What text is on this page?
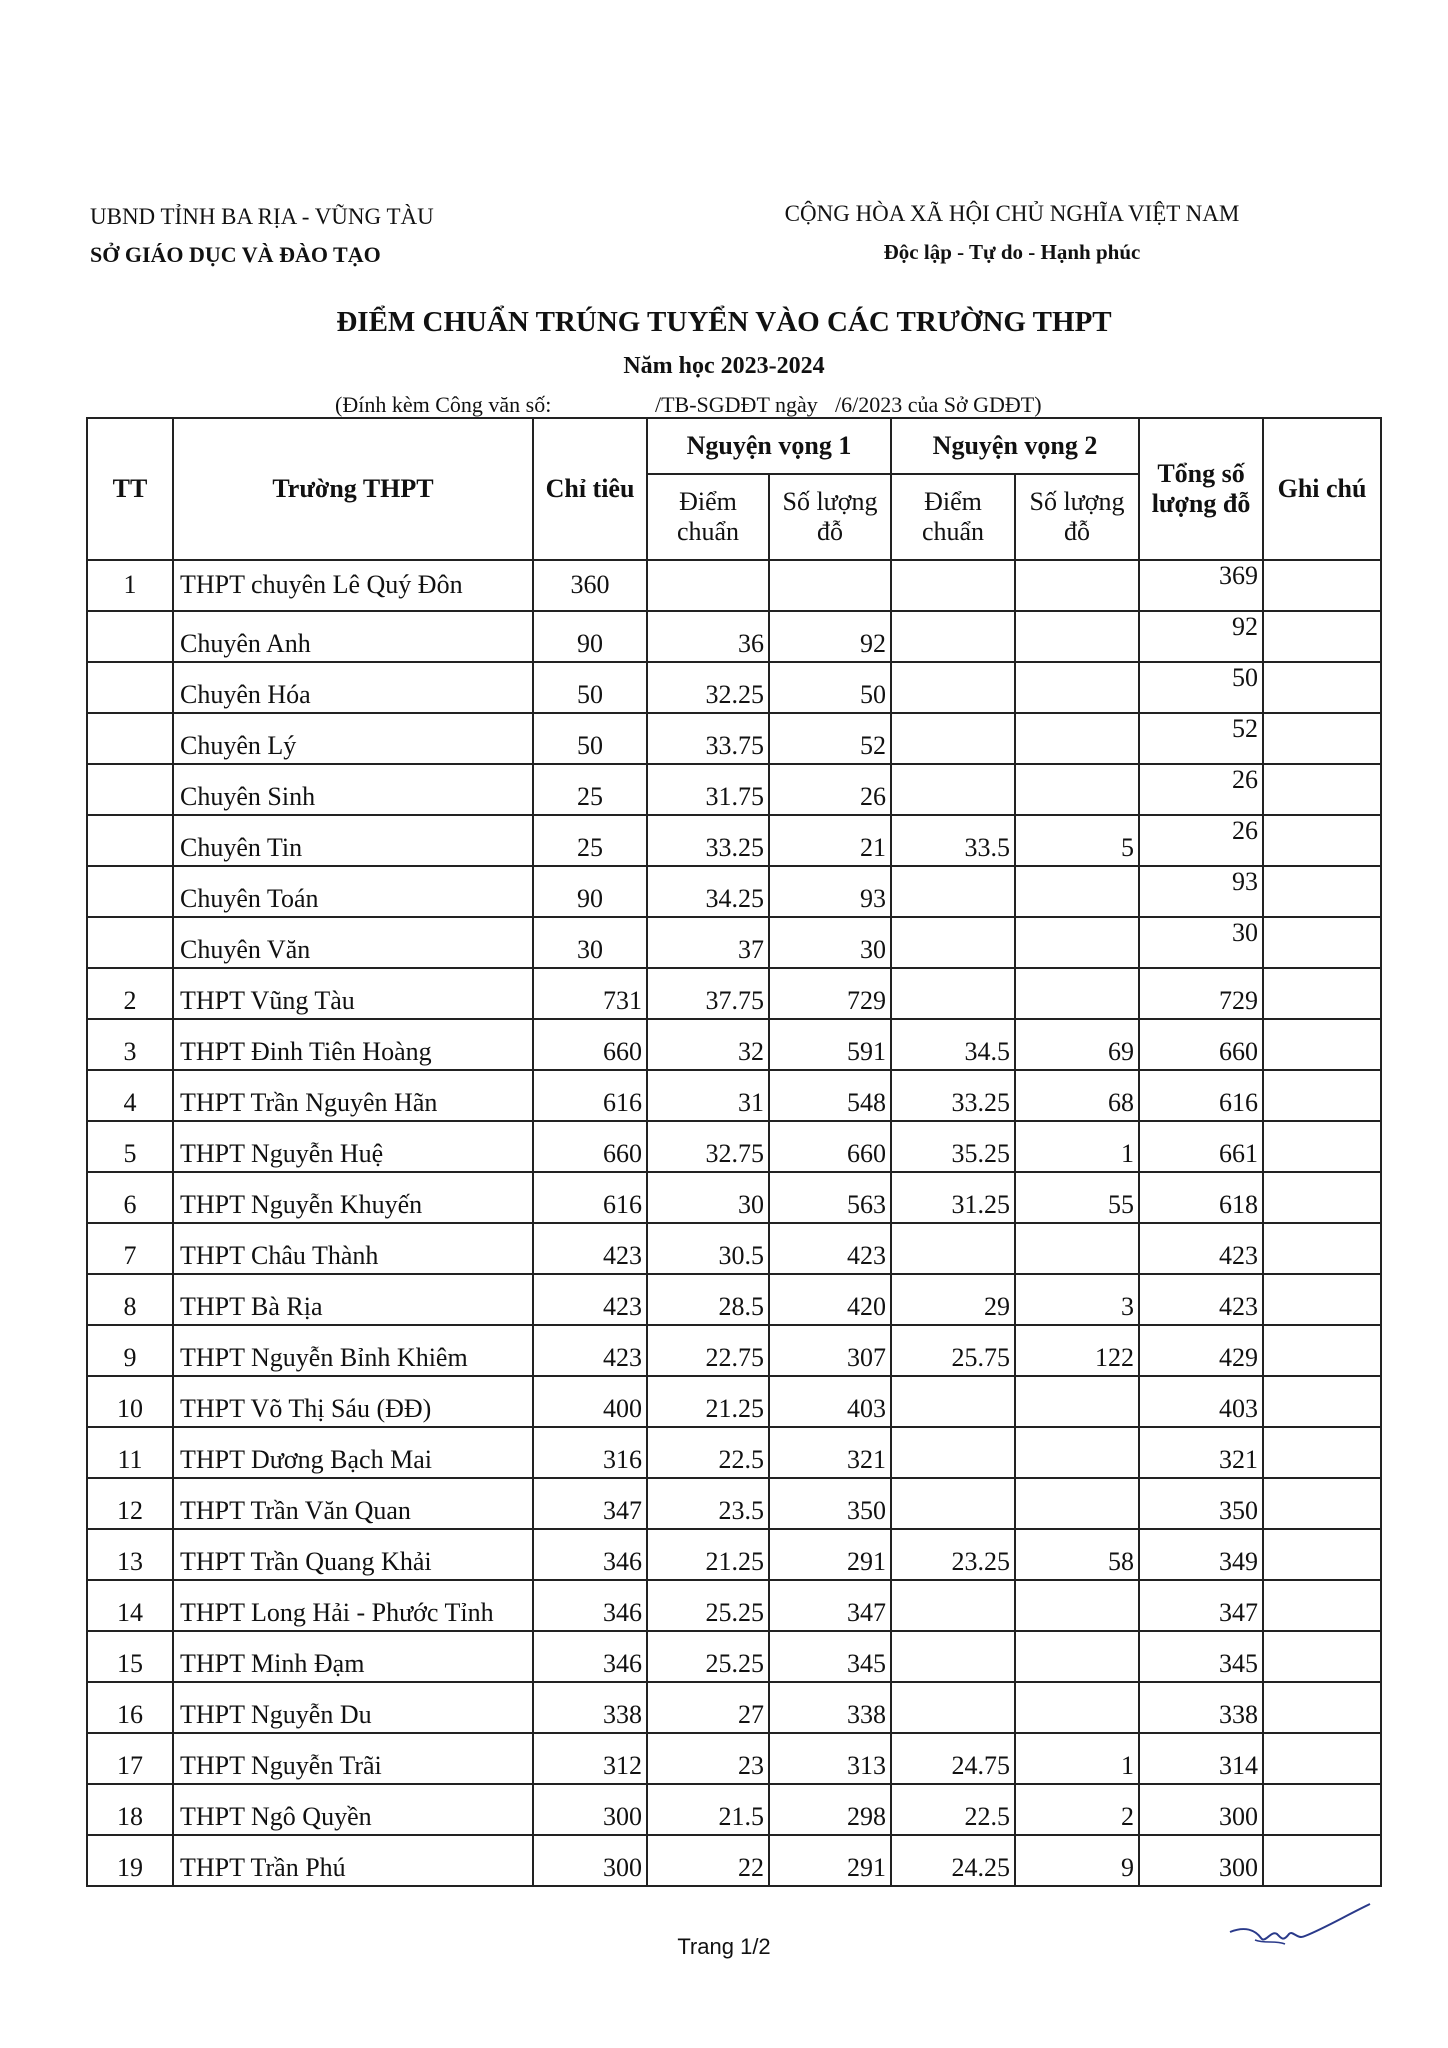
UBND TỈNH BA RỊA - VŨNG TÀU
SỞ GIÁO DỤC VÀ ĐÀO TẠO
CỘNG HÒA XÃ HỘI CHỦ NGHĨA VIỆT NAM
Độc lập - Tự do - Hạnh phúc
ĐIỂM CHUẨN TRÚNG TUYỂN VÀO CÁC TRƯỜNG THPT
Năm học 2023-2024
(Đính kèm Công văn số:	/TB-SGDĐT ngày /6/2023 của Sở GDĐT)
TT	Trường THPT	Chỉ tiêu	Nguyện vọng 1		Nguyện vọng 2		Tổng số lượng đỗ	Ghi chú
			Điểm chuẩn	Số lượng đỗ	Điểm chuẩn	Số lượng đỗ		
1	THPT chuyên Lê Quý Đôn	360					369	
	Chuyên Anh	90	36	92			92	
	Chuyên Hóa	50	32.25	50			50	
	Chuyên Lý	50	33.75	52			52	
	Chuyên Sinh	25	31.75	26			26	
	Chuyên Tin	25	33.25	21	33.5	5	26	
	Chuyên Toán	90	34.25	93			93	
	Chuyên Văn	30	37	30			30	
2	THPT Vũng Tàu	731	37.75	729			729	
3	THPT Đinh Tiên Hoàng	660	32	591	34.5	69	660	
4	THPT Trần Nguyên Hãn	616	31	548	33.25	68	616	
5	THPT Nguyễn Huệ	660	32.75	660	35.25	1	661	
6	THPT Nguyễn Khuyến	616	30	563	31.25	55	618	
7	THPT Châu Thành	423	30.5	423			423	
8	THPT Bà Rịa	423	28.5	420	29	3	423	
9	THPT Nguyễn Bỉnh Khiêm	423	22.75	307	25.75	122	429	
10	THPT Võ Thị Sáu (ĐĐ)	400	21.25	403			403	
11	THPT Dương Bạch Mai	316	22.5	321			321	
12	THPT Trần Văn Quan	347	23.5	350			350	
13	THPT Trần Quang Khải	346	21.25	291	23.25	58	349	
14	THPT Long Hải - Phước Tỉnh	346	25.25	347			347	
15	THPT Minh Đạm	346	25.25	345			345	
16	THPT Nguyễn Du	338	27	338			338	
17	THPT Nguyễn Trãi	312	23	313	24.75	1	314	
18	THPT Ngô Quyền	300	21.5	298	22.5	2	300	
19	THPT Trần Phú	300	22	291	24.25	9	300	
Trang 1/2
